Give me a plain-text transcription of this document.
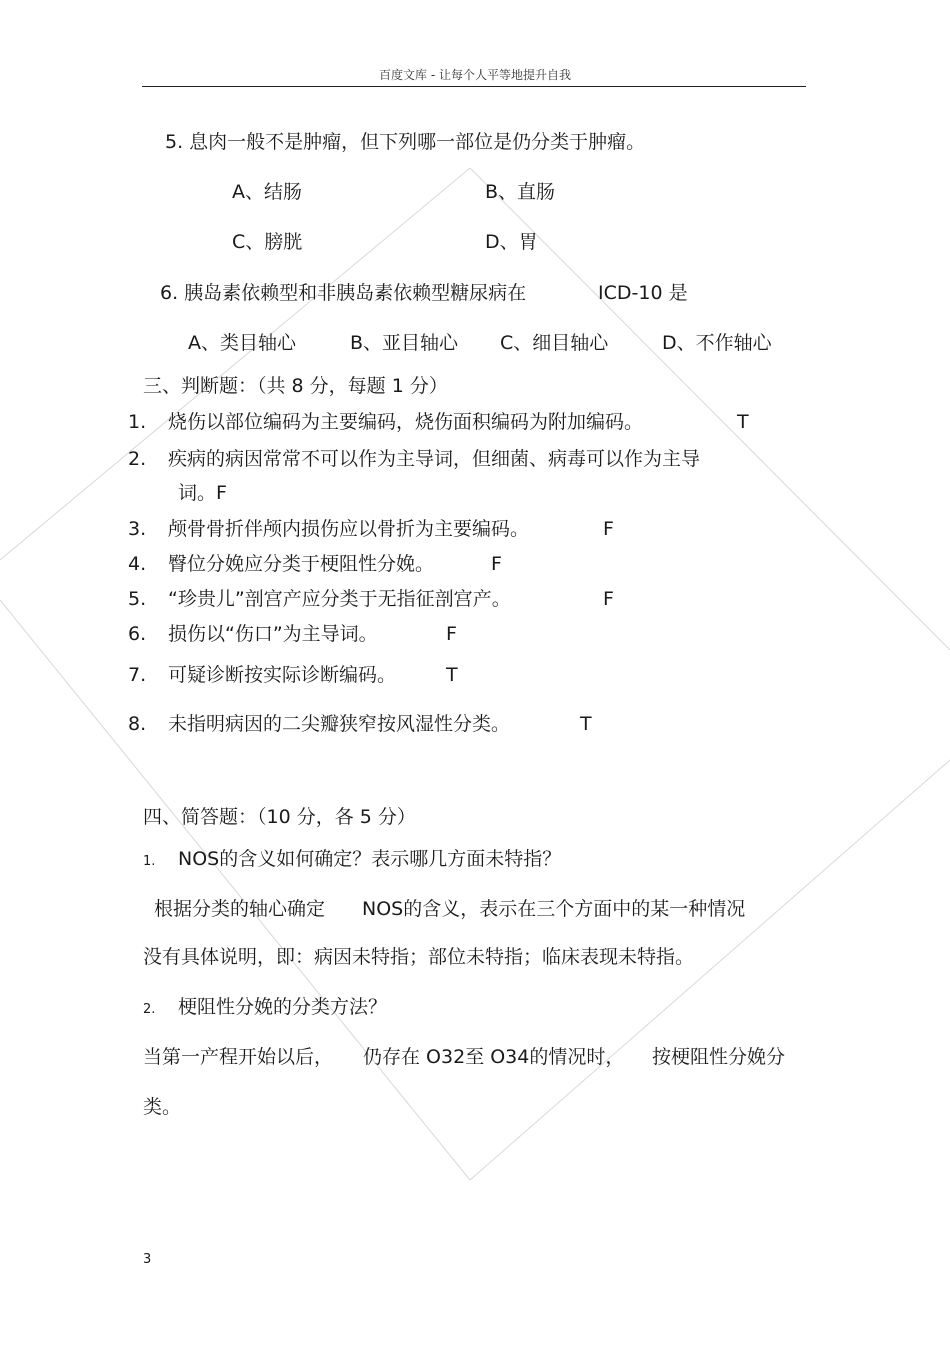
百度文库 - 让每个人平等地提升自我
5. 息肉一般不是肿瘤，但下列哪一部位是仍分类于肿瘤。
A、结肠	B、直肠
C、膀胱	D、胃
6. 胰岛素依赖型和非胰岛素依赖型糖尿病在	ICD-10 是
A、类目轴心	B、亚目轴心 C、细目轴心	D、不作轴心
三、判断题：（共 8 分，每题 1 分）
1. 烧伤以部位编码为主要编码，烧伤面积编码为附加编码。	T
2. 疾病的病因常常不可以作为主导词，但细菌、病毒可以作为主导
词。F
3. 颅骨骨折伴颅内损伤应以骨折为主要编码。	F
4. 臀位分娩应分类于梗阻性分娩。	F
5. “珍贵儿”剖宫产应分类于无指征剖宫产。	F
6. 损伤以“伤口”为主导词。	F
7. 可疑诊断按实际诊断编码。	T
8. 未指明病因的二尖瓣狭窄按风湿性分类。	T
四、简答题：（10 分，各 5 分）
1. NOS的含义如何确定？表示哪几方面未特指？
根据分类的轴心确定 NOS的含义，表示在三个方面中的某一种情况
没有具体说明，即：病因未特指；部位未特指；临床表现未特指。
2. 梗阻性分娩的分类方法？
当第一产程开始以后， 仍存在 O32至 O34的情况时， 按梗阻性分娩分
类。
3
